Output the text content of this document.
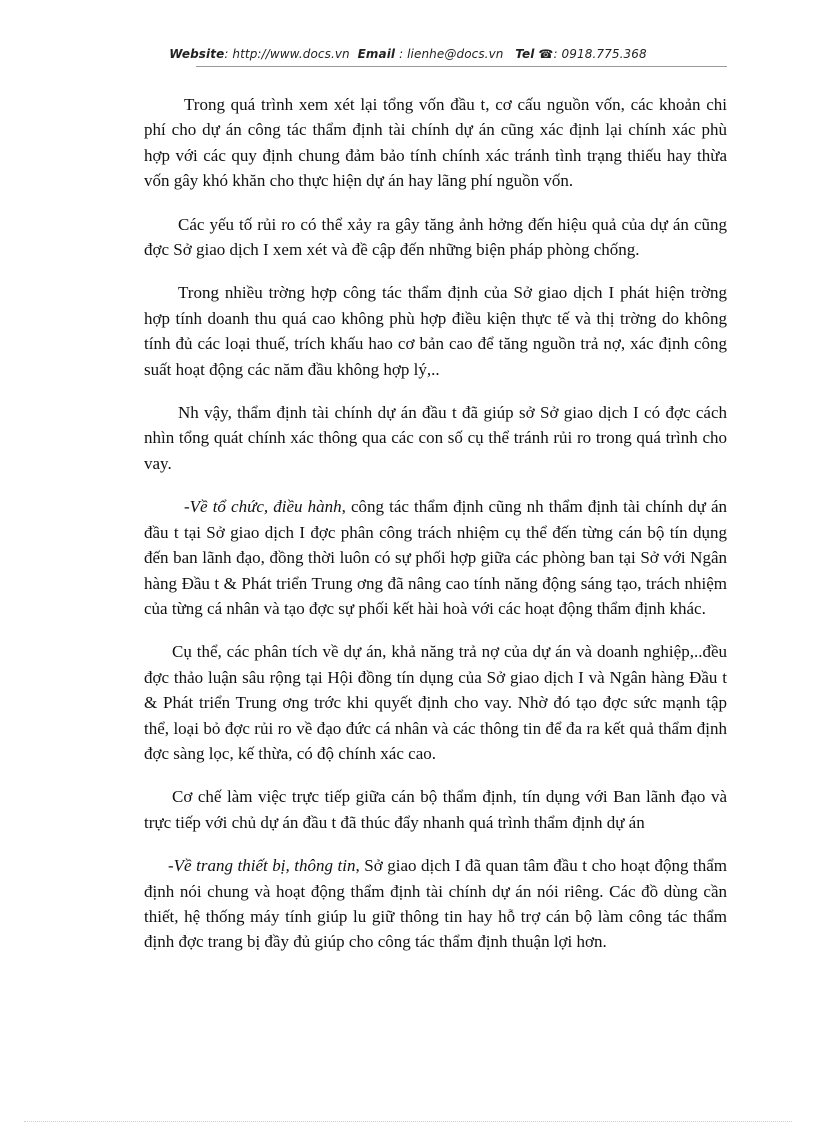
Website: http://www.docs.vn Email : lienhe@docs.vn Tel ☎: 0918.775.368

Trong quá trình xem xét lại tổng vốn đầu t, cơ cấu nguồn vốn, các khoản chi phí cho dự án công tác thẩm định tài chính dự án cũng xác định lại chính xác phù hợp với các quy định chung đảm bảo tính chính xác tránh tình trạng thiếu hay thừa vốn gây khó khăn cho thực hiện dự án hay lãng phí nguồn vốn.

Các yếu tố rủi ro có thể xảy ra gây tăng ảnh hởng đến hiệu quả của dự án cũng đợc Sở giao dịch I xem xét và đề cập đến những biện pháp phòng chống.

Trong nhiều trờng hợp công tác thẩm định của Sở giao dịch I phát hiện trờng hợp tính doanh thu quá cao không phù hợp điều kiện thực tế và thị trờng do không tính đủ các loại thuế, trích khấu hao cơ bản cao để tăng nguồn trả nợ, xác định công suất hoạt động các năm đầu không hợp lý,..

Nh vậy, thẩm định tài chính dự án đầu t đã giúp sở Sở giao dịch I có đợc cách nhìn tổng quát chính xác thông qua các con số cụ thể tránh rủi ro trong quá trình cho vay.

-Về tổ chức, điều hành, công tác thẩm định cũng nh thẩm định tài chính dự án đầu t tại Sở giao dịch I đợc phân công trách nhiệm cụ thể đến từng cán bộ tín dụng đến ban lãnh đạo, đồng thời luôn có sự phối hợp giữa các phòng ban tại Sở với Ngân hàng Đầu t & Phát triển Trung ơng đã nâng cao tính năng động sáng tạo, trách nhiệm của từng cá nhân và tạo đợc sự phối kết hài hoà với các hoạt động thẩm định khác.

Cụ thể, các phân tích về dự án, khả năng trả nợ của dự án và doanh nghiệp,..đều đợc thảo luận sâu rộng tại Hội đồng tín dụng của Sở giao dịch I và Ngân hàng Đầu t & Phát triển Trung ơng trớc khi quyết định cho vay. Nhờ đó tạo đợc sức mạnh tập thể, loại bỏ đợc rủi ro về đạo đức cá nhân và các thông tin để đa ra kết quả thẩm định đợc sàng lọc, kế thừa, có độ chính xác cao.

Cơ chế làm việc trực tiếp giữa cán bộ thẩm định, tín dụng với Ban lãnh đạo và trực tiếp với chủ dự án đầu t đã thúc đẩy nhanh quá trình thẩm định dự án

-Về trang thiết bị, thông tin, Sở giao dịch I đã quan tâm đầu t cho hoạt động thẩm định nói chung và hoạt động thẩm định tài chính dự án nói riêng. Các đồ dùng cần thiết, hệ thống máy tính giúp lu giữ thông tin hay hỗ trợ cán bộ làm công tác thẩm định đợc trang bị đầy đủ giúp cho công tác thẩm định thuận lợi hơn.
